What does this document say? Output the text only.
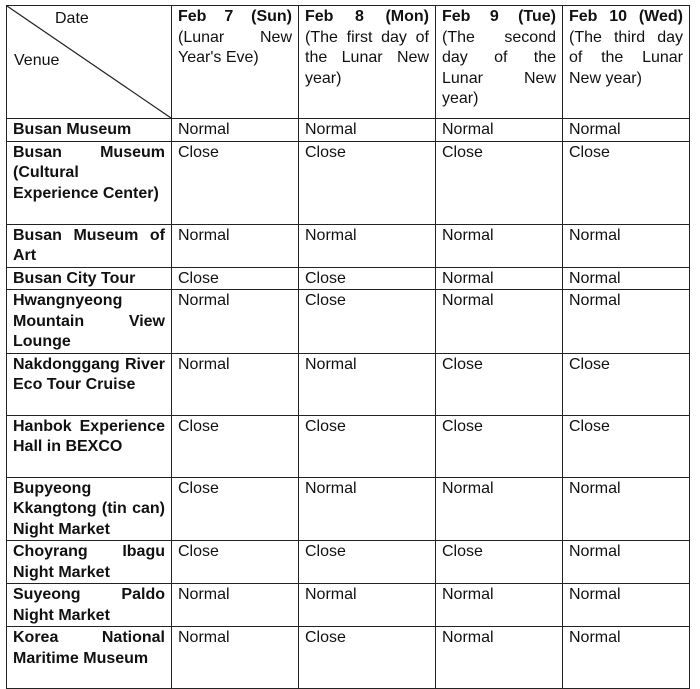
Date
Venue	Feb 7 (Sun) (Lunar New Year's Eve)	Feb 8 (Mon) (The first day of the Lunar New year)	Feb 9 (Tue) (The second day of the Lunar New year)	Feb 10 (Wed) (The third day of the Lunar New year)
Busan Museum	Normal	Normal	Normal	Normal
Busan Museum (Cultural Experience Center)	Close	Close	Close	Close
Busan Museum of Art	Normal	Normal	Normal	Normal
Busan City Tour	Close	Close	Normal	Normal
Hwangnyeong Mountain View Lounge	Normal	Close	Normal	Normal
Nakdonggang River Eco Tour Cruise	Normal	Normal	Close	Close
Hanbok Experience Hall in BEXCO	Close	Close	Close	Close
Bupyeong Kkangtong (tin can) Night Market	Close	Normal	Normal	Normal
Choyrang Ibagu Night Market	Close	Close	Close	Normal
Suyeong Paldo Night Market	Normal	Normal	Normal	Normal
Korea National Maritime Museum	Normal	Close	Normal	Normal
